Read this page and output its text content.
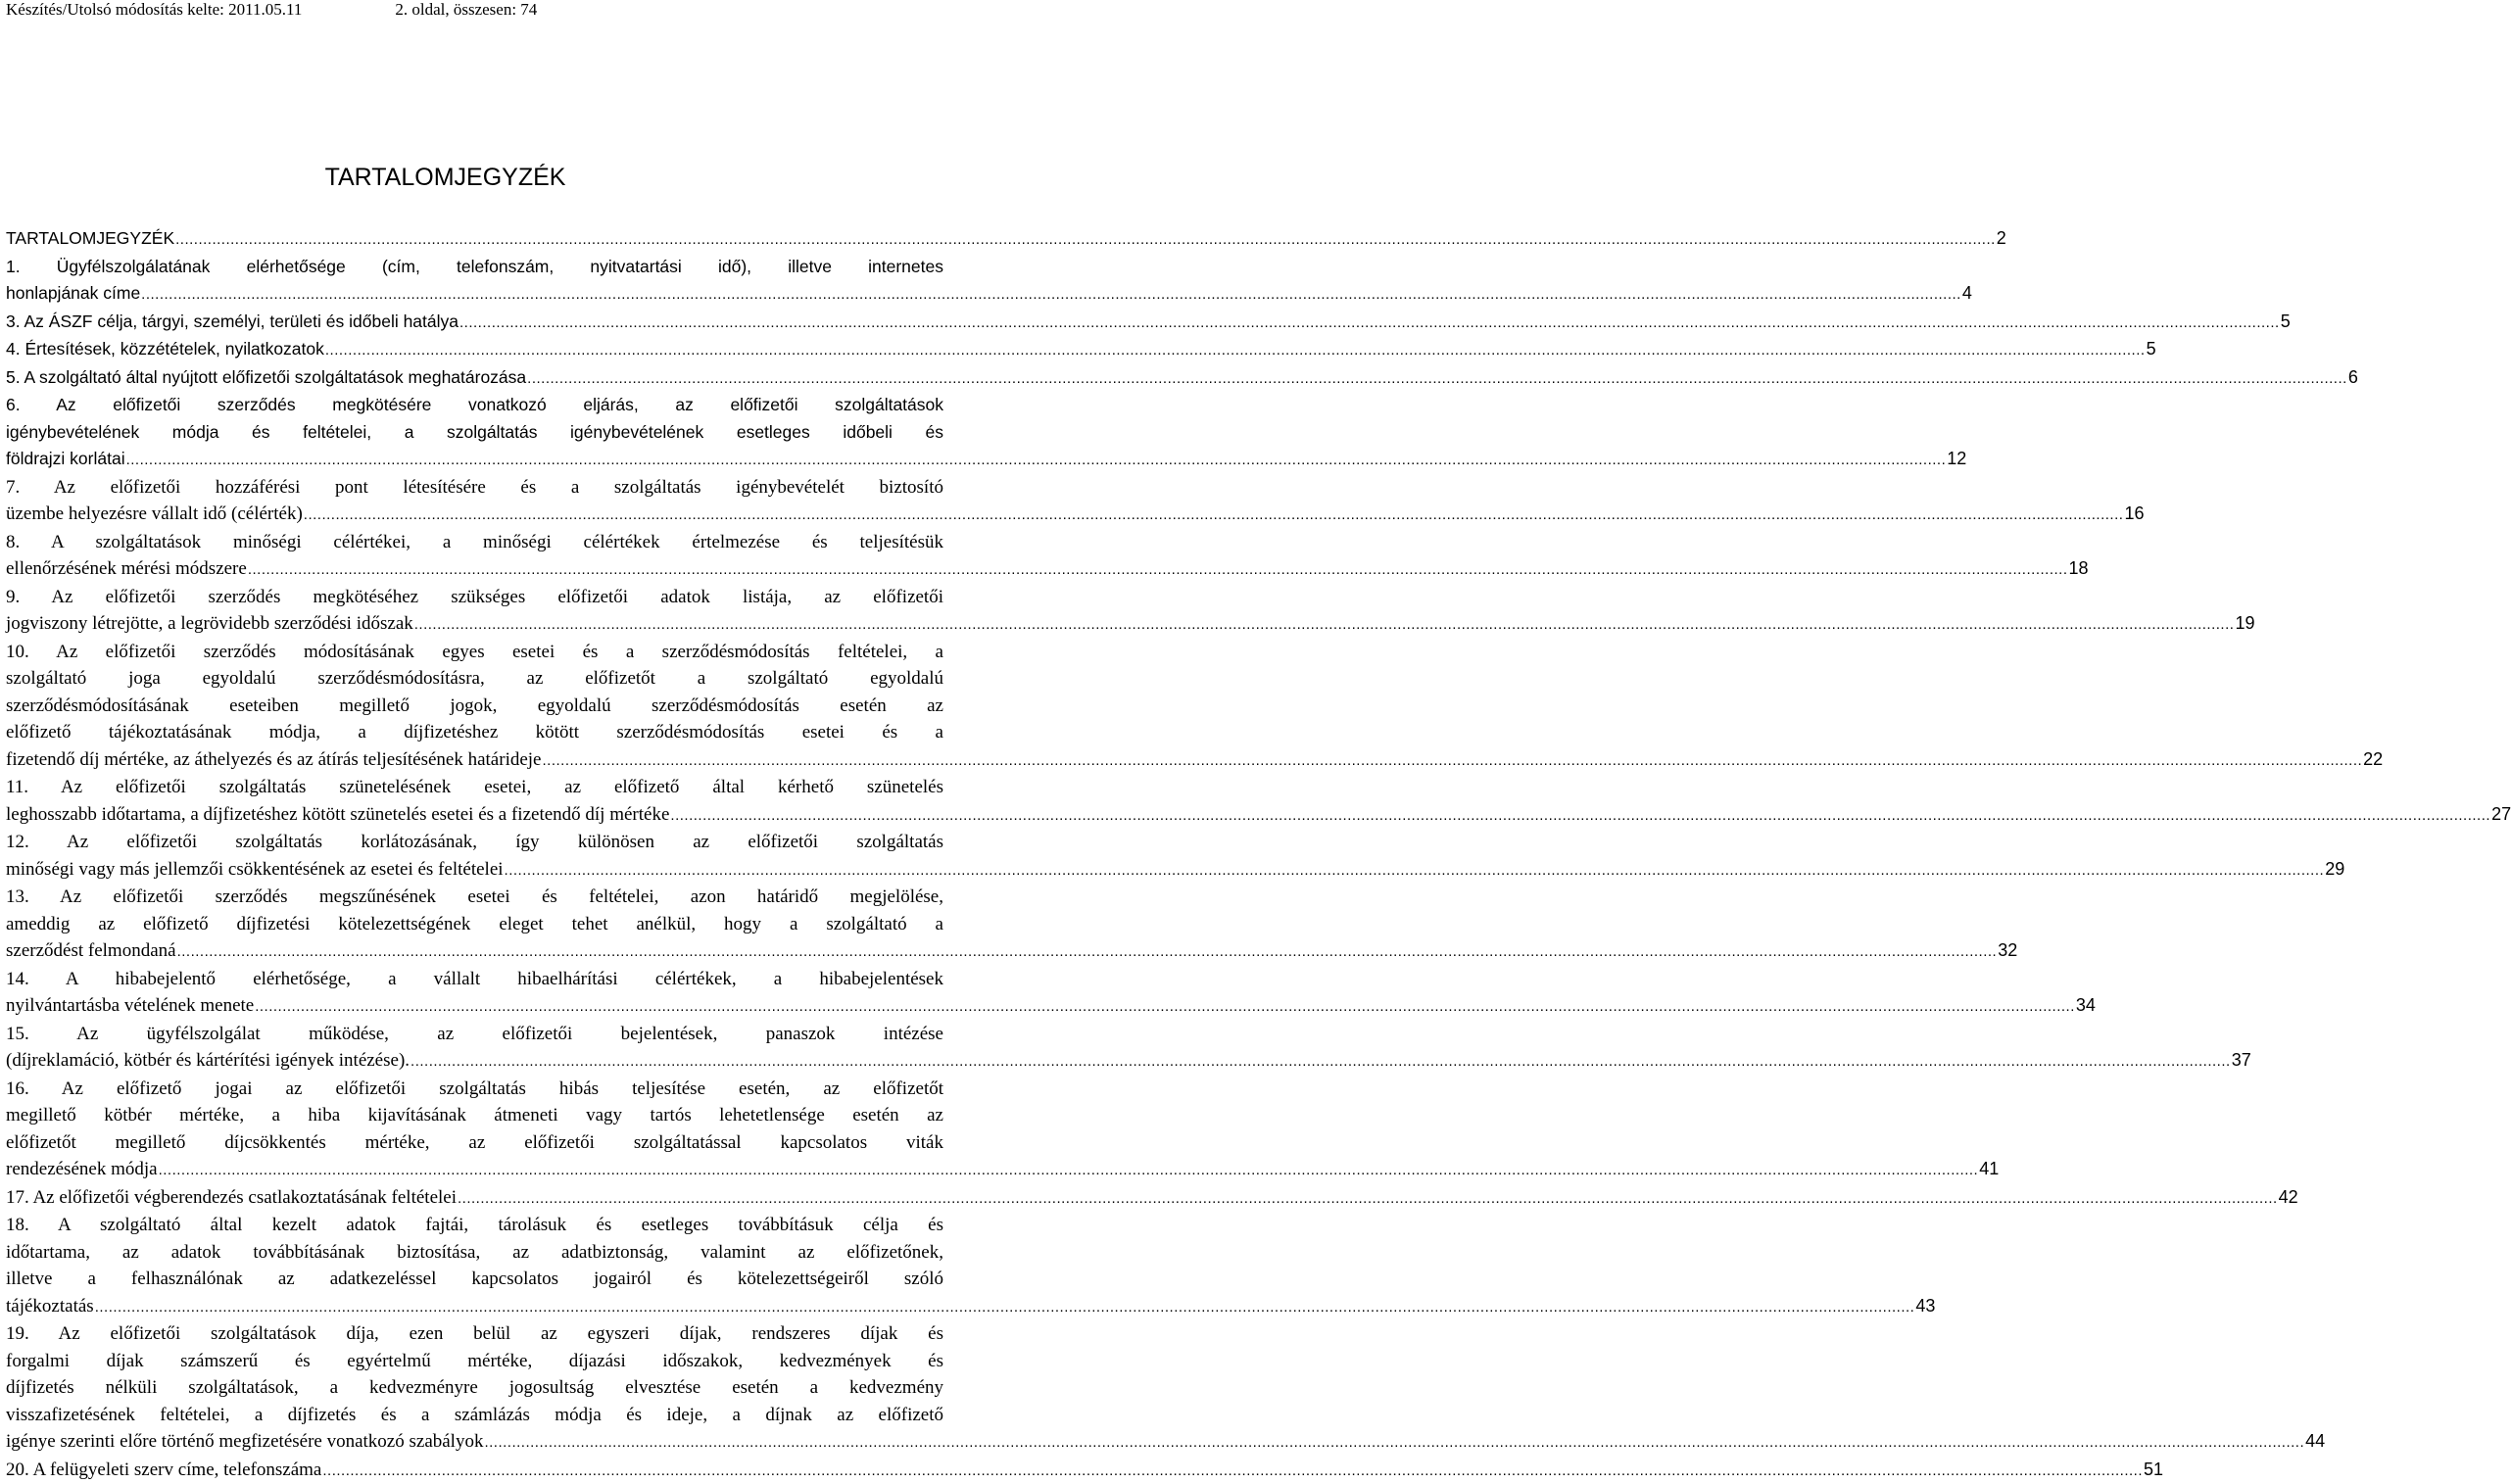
Készítés/Utolsó módosítás kelte: 2011.05.11	2. oldal, összesen: 74
TARTALOMJEGYZÉK
TARTALOMJEGYZÉK .....	2
1. Ügyfélszolgálatának elérhetősége (cím, telefonszám, nyitvatartási idő), illetve internetes
honlapjának címe .....	4
3. Az ÁSZF célja, tárgyi, személyi, területi és időbeli hatálya .....	5
4. Értesítések, közzétételek, nyilatkozatok .....	5
5. A szolgáltató által nyújtott előfizetői szolgáltatások meghatározása .....	6
6. Az előfizetői szerződés megkötésére vonatkozó eljárás, az előfizetői szolgáltatások
igénybevételének módja és feltételei, a szolgáltatás igénybevételének esetleges időbeli és
földrajzi korlátai .....	12
7. Az előfizetői hozzáférési pont létesítésére és a szolgáltatás igénybevételét biztosító
üzembe helyezésre vállalt idő (célérték) .....	16
8. A szolgáltatások minőségi célértékei, a minőségi célértékek értelmezése és teljesítésük
ellenőrzésének mérési módszere .....	18
9. Az előfizetői szerződés megkötéséhez szükséges előfizetői adatok listája, az előfizetői
jogviszony létrejötte, a legrövidebb szerződési időszak .....	19
10. Az előfizetői szerződés módosításának egyes esetei és a szerződésmódosítás feltételei, a
szolgáltató joga egyoldalú szerződésmódosításra, az előfizetőt a szolgáltató egyoldalú
szerződésmódosításának eseteiben megillető jogok, egyoldalú szerződésmódosítás esetén az
előfizető tájékoztatásának módja, a díjfizetéshez kötött szerződésmódosítás esetei és a
fizetendő díj mértéke, az áthelyezés és az átírás teljesítésének határideje .....	22
11. Az előfizetői szolgáltatás szünetelésének esetei, az előfizető által kérhető szünetelés
leghosszabb időtartama, a díjfizetéshez kötött szünetelés esetei és a fizetendő díj mértéke .....	27
12. Az előfizetői szolgáltatás korlátozásának, így különösen az előfizetői szolgáltatás
minőségi vagy más jellemzői csökkentésének az esetei és feltételei .....	29
13. Az előfizetői szerződés megszűnésének esetei és feltételei, azon határidő megjelölése,
ameddig az előfizető díjfizetési kötelezettségének eleget tehet anélkül, hogy a szolgáltató a
szerződést felmondaná .....	32
14. A hibabejelentő elérhetősége, a vállalt hibaelhárítási célértékek, a hibabejelentések
nyilvántartásba vételének menete .....	34
15. Az ügyfélszolgálat működése, az előfizetői bejelentések, panaszok intézése
(díjreklamáció, kötbér és kártérítési igények intézése). .....	37
16. Az előfizető jogai az előfizetői szolgáltatás hibás teljesítése esetén, az előfizetőt
megillető kötbér mértéke, a hiba kijavításának átmeneti vagy tartós lehetetlensége esetén az
előfizetőt megillető díjcsökkentés mértéke, az előfizetői szolgáltatással kapcsolatos viták
rendezésének módja .....	41
17. Az előfizetői végberendezés csatlakoztatásának feltételei .....	42
18. A szolgáltató által kezelt adatok fajtái, tárolásuk és esetleges továbbításuk célja és
időtartama, az adatok továbbításának biztosítása, az adatbiztonság, valamint az előfizetőnek,
illetve a felhasználónak az adatkezeléssel kapcsolatos jogairól és kötelezettségeiről szóló
tájékoztatás .....	43
19. Az előfizetői szolgáltatások díja, ezen belül az egyszeri díjak, rendszeres díjak és
forgalmi díjak számszerű és egyértelmű mértéke, díjazási időszakok, kedvezmények és
díjfizetés nélküli szolgáltatások, a kedvezményre jogosultság elvesztése esetén a kedvezmény
visszafizetésének feltételei, a díjfizetés és a számlázás módja és ideje, a díjnak az előfizető
igénye szerinti előre történő megfizetésére vonatkozó szabályok .....	44
20. A felügyeleti szerv címe, telefonszáma .....	51
